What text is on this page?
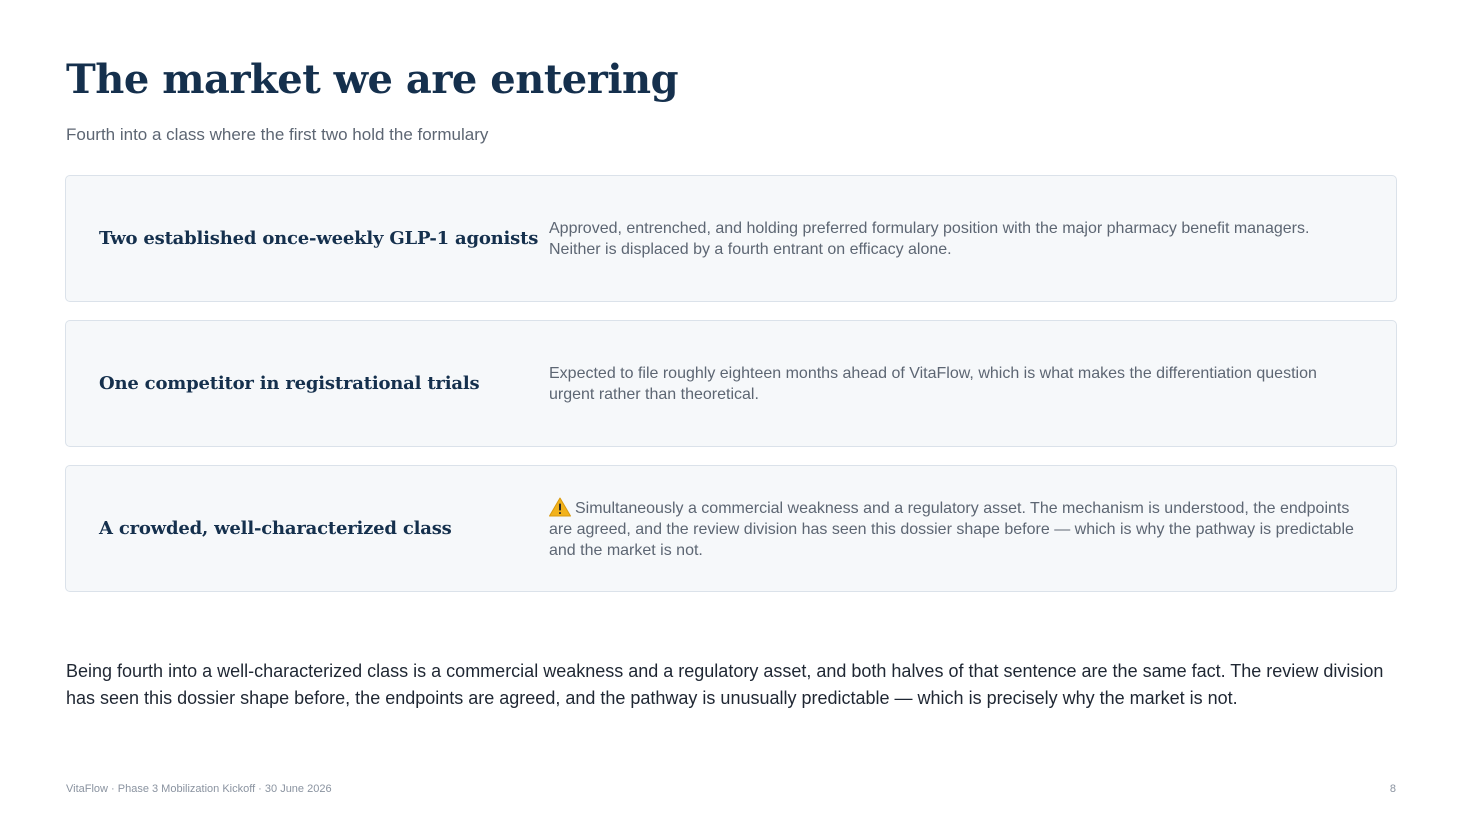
The market we are entering

Fourth into a class where the first two hold the formulary

Two established once-weekly GLP-1 agonists Approved, entrenched, and holding preferred formulary position with the major pharmacy benefit managers. Neither is displaced by a fourth entrant on efficacy alone.
One competitor in registrational trials	Expected to file roughly eighteen months ahead of VitaFlow, which is what makes the differentiation question urgent rather than theoretical.
A crowded, well-characterized class
Simultaneously a commercial weakness and a regulatory asset. The mechanism is understood, the endpoints are agreed, and the review division has seen this dossier shape before — which is why the pathway is predictable and the market is not.

Being fourth into a well-characterized class is a commercial weakness and a regulatory asset, and both halves of that sentence are the same fact. The review division has seen this dossier shape before, the endpoints are agreed, and the pathway is unusually predictable — which is precisely why the market is not.

VitaFlow · Phase 3 Mobilization Kickoff · 30 June 2026	8
